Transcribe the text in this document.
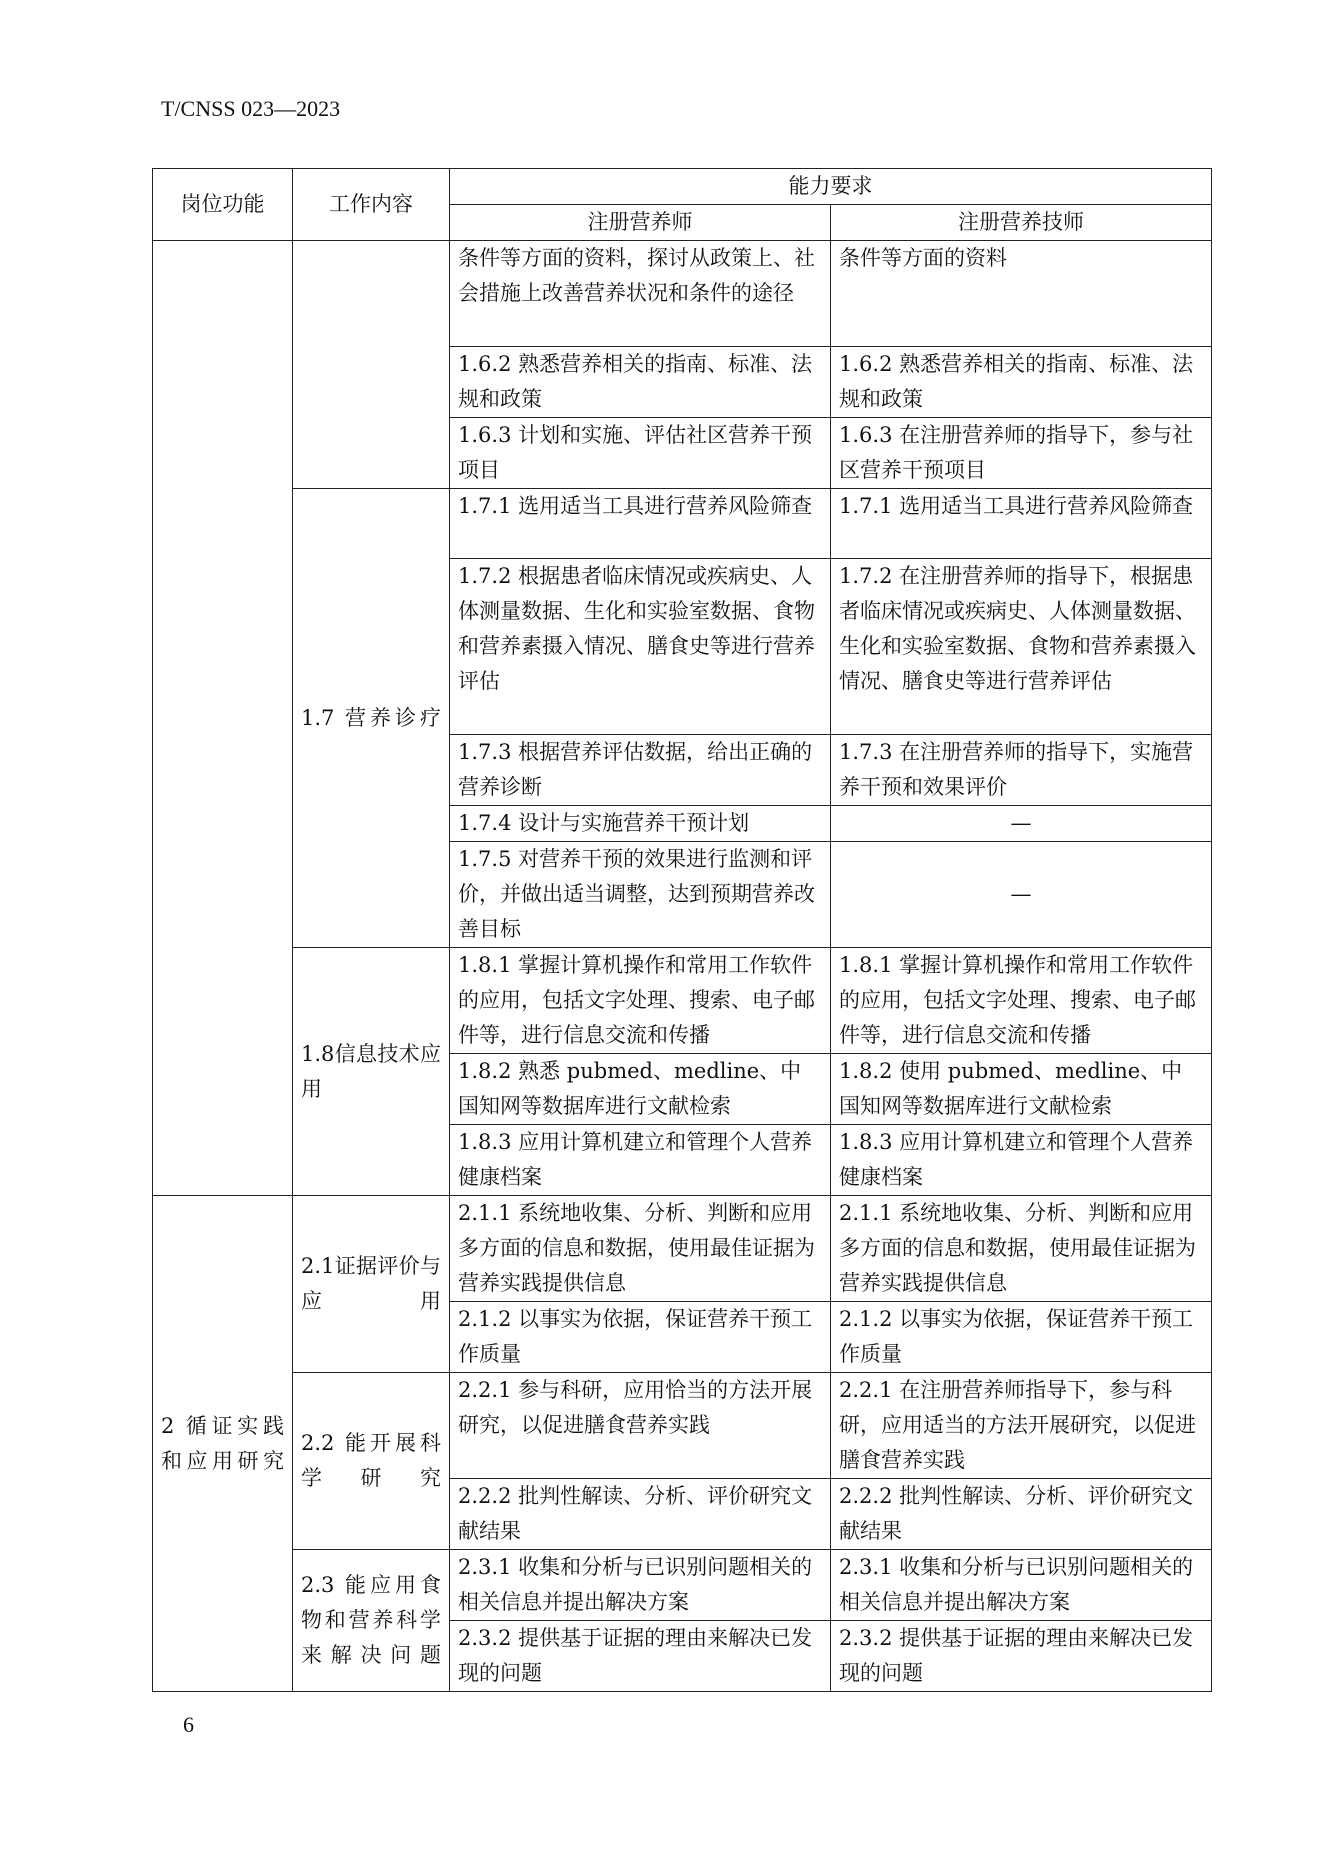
T/CNSS 023—2023
岗位功能	工作内容	能力要求	
		注册营养师	注册营养技师
		条件等方面的资料，探讨从政策上、社会措施上改善营养状况和条件的途径	条件等方面的资料
		1.6.2 熟悉营养相关的指南、标准、法规和政策	1.6.2 熟悉营养相关的指南、标准、法规和政策
		1.6.3 计划和实施、评估社区营养干预项目	1.6.3 在注册营养师的指导下，参与社区营养干预项目
	1.7 营养诊疗	1.7.1 选用适当工具进行营养风险筛查	1.7.1 选用适当工具进行营养风险筛查
		1.7.2 根据患者临床情况或疾病史、人体测量数据、生化和实验室数据、食物和营养素摄入情况、膳食史等进行营养评估	1.7.2 在注册营养师的指导下，根据患者临床情况或疾病史、人体测量数据、生化和实验室数据、食物和营养素摄入情况、膳食史等进行营养评估
		1.7.3 根据营养评估数据，给出正确的营养诊断	1.7.3 在注册营养师的指导下，实施营养干预和效果评价
		1.7.4 设计与实施营养干预计划	—
		1.7.5 对营养干预的效果进行监测和评价，并做出适当调整，达到预期营养改善目标	—
	1.8信息技术应用	1.8.1 掌握计算机操作和常用工作软件的应用，包括文字处理、搜索、电子邮件等，进行信息交流和传播	1.8.1 掌握计算机操作和常用工作软件的应用，包括文字处理、搜索、电子邮件等，进行信息交流和传播
		1.8.2 熟悉 pubmed、medline、中国知网等数据库进行文献检索	1.8.2 使用 pubmed、medline、中国知网等数据库进行文献检索
		1.8.3 应用计算机建立和管理个人营养健康档案	1.8.3 应用计算机建立和管理个人营养健康档案
2 循证实践和应用研究	2.1证据评价与应用	2.1.1 系统地收集、分析、判断和应用多方面的信息和数据，使用最佳证据为营养实践提供信息	2.1.1 系统地收集、分析、判断和应用多方面的信息和数据，使用最佳证据为营养实践提供信息
		2.1.2 以事实为依据，保证营养干预工作质量	2.1.2 以事实为依据，保证营养干预工作质量
	2.2 能开展科学研究	2.2.1 参与科研，应用恰当的方法开展研究，以促进膳食营养实践	2.2.1 在注册营养师指导下，参与科研，应用适当的方法开展研究，以促进膳食营养实践
		2.2.2 批判性解读、分析、评价研究文献结果	2.2.2 批判性解读、分析、评价研究文献结果
	2.3 能应用食物和营养科学来解决问题	2.3.1 收集和分析与已识别问题相关的相关信息并提出解决方案	2.3.1 收集和分析与已识别问题相关的相关信息并提出解决方案
		2.3.2 提供基于证据的理由来解决已发现的问题	2.3.2 提供基于证据的理由来解决已发现的问题
6
